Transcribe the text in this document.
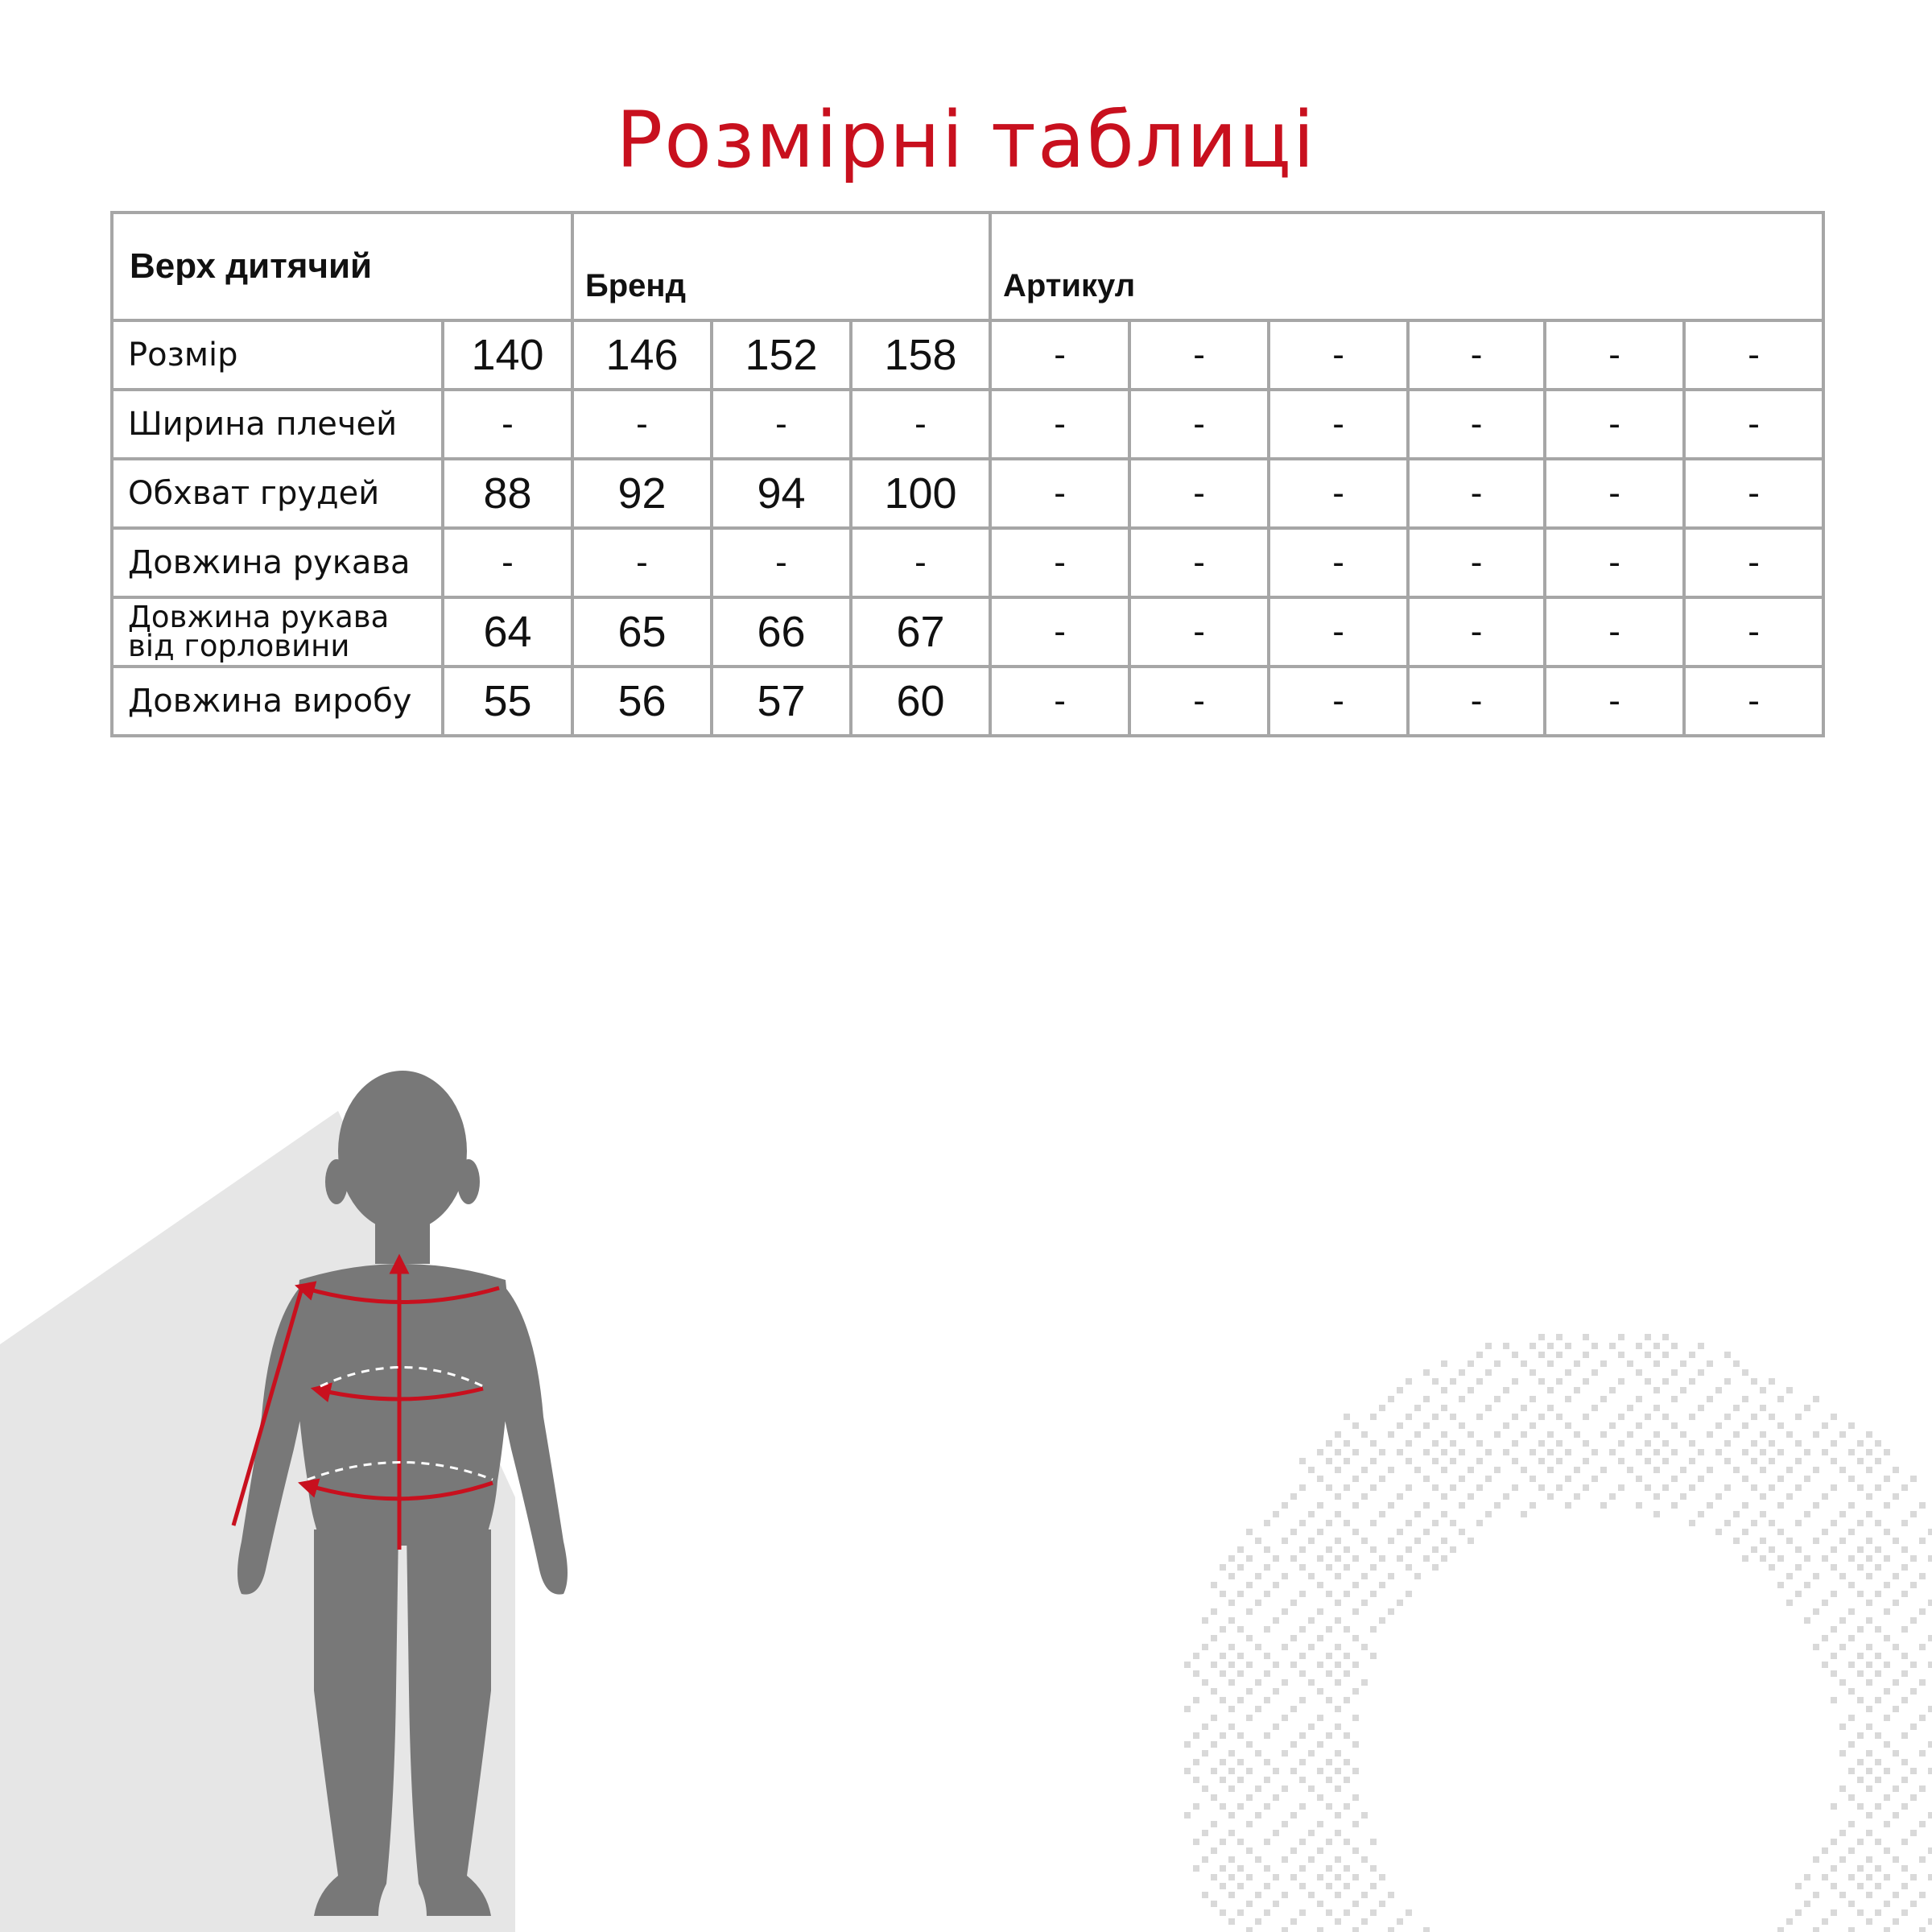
Розмірні таблиці
Верх дитячий		Бренд			Артикул					
Розмір	140	146	152	158	-	-	-	-	-	-
Ширина плечей	-	-	-	-	-	-	-	-	-	-
Обхват грудей	88	92	94	100	-	-	-	-	-	-
Довжина рукава	-	-	-	-	-	-	-	-	-	-

Довжина рукава
від горловини	64	65	66	67	-	-	-	-	-	-
Довжина виробу	55	56	57	60	-	-	-	-	-	-
